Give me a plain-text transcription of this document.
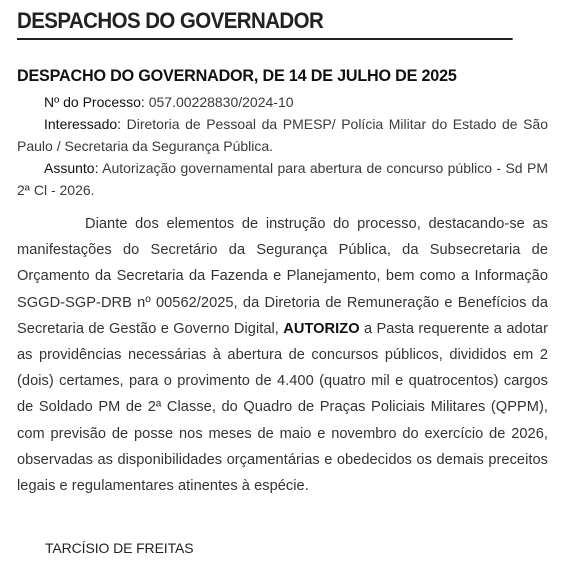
DESPACHOS DO GOVERNADOR
DESPACHO DO GOVERNADOR, DE 14 DE JULHO DE 2025
Nº do Processo: 057.00228830/2024-10
Interessado: Diretoria de Pessoal da PMESP/ Polícia Militar do Estado de São Paulo / Secretaria da Segurança Pública.
Assunto: Autorização governamental para abertura de concurso público - Sd PM 2ª Cl - 2026.
Diante dos elementos de instrução do processo, destacando-se as manifestações do Secretário da Segurança Pública, da Subsecretaria de Orçamento da Secretaria da Fazenda e Planejamento, bem como a Informação SGGD-SGP-DRB nº 00562/2025, da Diretoria de Remuneração e Benefícios da Secretaria de Gestão e Governo Digital, AUTORIZO a Pasta requerente a adotar as providências necessárias à abertura de concursos públicos, divididos em 2 (dois) certames, para o provimento de 4.400 (quatro mil e quatrocentos) cargos de Soldado PM de 2ª Classe, do Quadro de Praças Policiais Militares (QPPM), com previsão de posse nos meses de maio e novembro do exercício de 2026, observadas as disponibilidades orçamentárias e obedecidos os demais preceitos legais e regulamentares atinentes à espécie.
TARCÍSIO DE FREITAS
